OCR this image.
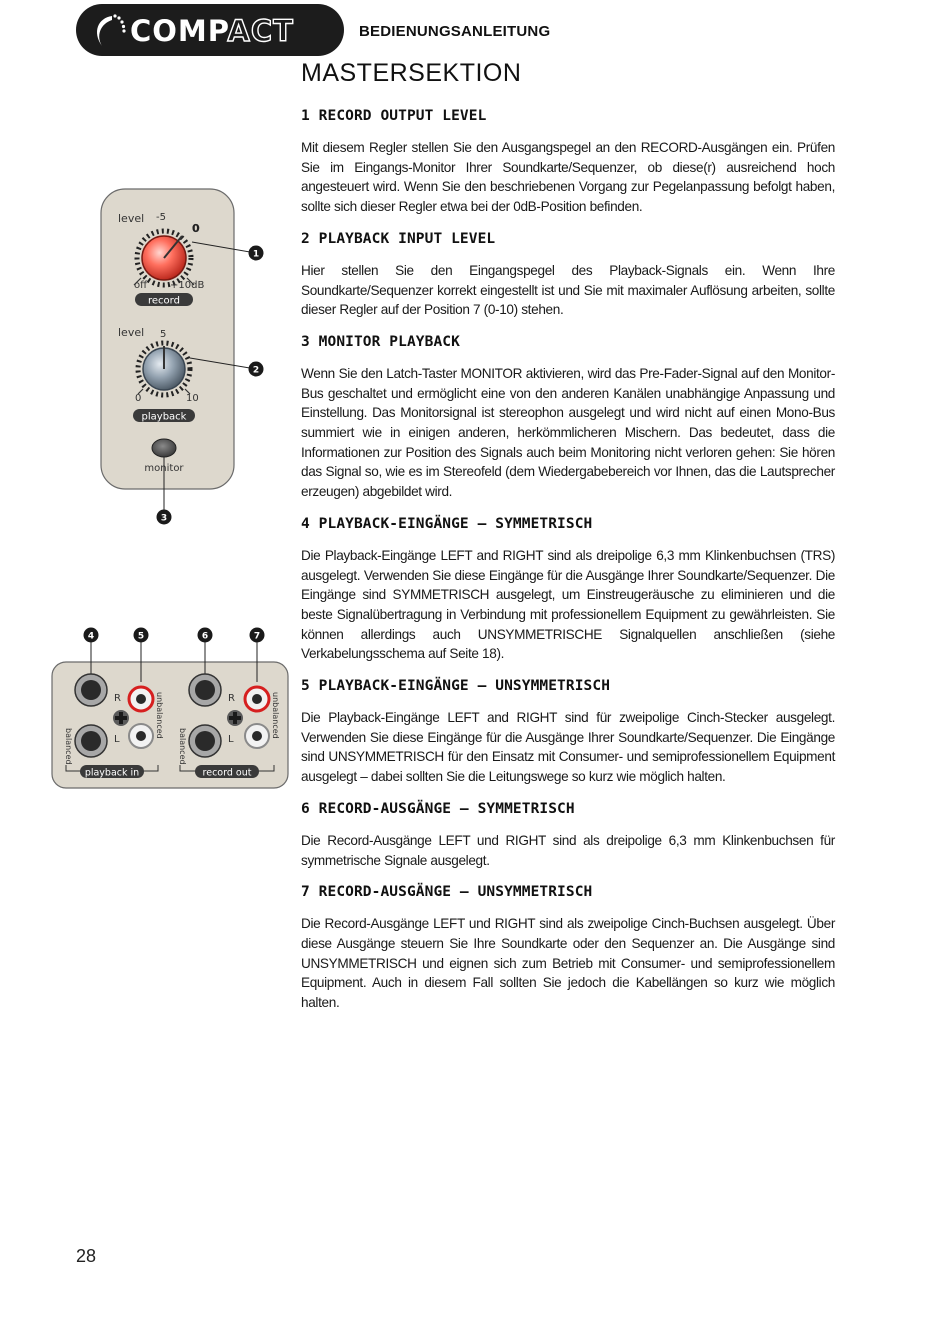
COMPACT	BEDIENUNGSANLEITUNG
MASTERSEKTION
level -5
0
off +10dB
record
level 5
0	10
playback
monitor
1
2
3
4	5	6	7
balanced
R
L
unbalanced
playback in
balanced
R
L
unbalanced
record out
1 RECORD OUTPUT LEVEL

Mit diesem Regler stellen Sie den Ausgangspegel an den RECORD-Ausgängen ein. Prüfen Sie im Eingangs-Monitor Ihrer Soundkarte/Sequenzer, ob diese(r) ausreichend hoch angesteuert wird. Wenn Sie den beschriebenen Vorgang zur Pegelanpassung befolgt haben, sollte sich dieser Regler etwa bei der 0dB-Position befinden.

2 PLAYBACK INPUT LEVEL

Hier stellen Sie den Eingangspegel des Playback-Signals ein. Wenn Ihre Soundkarte/Sequenzer korrekt eingestellt ist und Sie mit maximaler Auflösung arbeiten, sollte dieser Regler auf der Position 7 (0-10) stehen.

3 MONITOR PLAYBACK

Wenn Sie den Latch-Taster MONITOR aktivieren, wird das Pre-Fader-Signal auf den Monitor-Bus geschaltet und ermöglicht eine von den anderen Kanälen unabhängige Anpassung und Einstellung. Das Monitorsignal ist stereophon ausgelegt und wird nicht auf einen Mono-Bus summiert wie in einigen anderen, herkömmlicheren Mischern. Das bedeutet, dass die Informationen zur Position des Signals auch beim Monitoring nicht verloren gehen: Sie hören das Signal so, wie es im Stereofeld (dem Wiedergabebereich vor Ihnen, das die Lautsprecher erzeugen) abgebildet wird.

4 PLAYBACK-EINGÄNGE – SYMMETRISCH

Die Playback-Eingänge LEFT and RIGHT sind als dreipolige 6,3 mm Klinkenbuchsen (TRS) ausgelegt. Verwenden Sie diese Eingänge für die Ausgänge Ihrer Soundkarte/Sequenzer. Die Eingänge sind SYMMETRISCH ausgelegt, um Einstreugeräusche zu eliminieren und die beste Signalübertragung in Verbindung mit professionellem Equipment zu gewährleisten. Sie können allerdings auch UNSYMMETRISCHE Signalquellen anschließen (siehe Verkabelungsschema auf Seite 18).

5 PLAYBACK-EINGÄNGE – UNSYMMETRISCH

Die Playback-Eingänge LEFT and RIGHT sind für zweipolige Cinch-Stecker ausgelegt. Verwenden Sie diese Eingänge für die Ausgänge Ihrer Soundkarte/Sequenzer. Die Eingänge sind UNSYMMETRISCH für den Einsatz mit Consumer- und semiprofessionellem Equipment ausgelegt – dabei sollten Sie die Leitungswege so kurz wie möglich halten.

6 RECORD-AUSGÄNGE – SYMMETRISCH

Die Record-Ausgänge LEFT und RIGHT sind als dreipolige 6,3 mm Klinkenbuchsen für symmetrische Signale ausgelegt.

7 RECORD-AUSGÄNGE – UNSYMMETRISCH

Die Record-Ausgänge LEFT und RIGHT sind als zweipolige Cinch-Buchsen ausgelegt. Über diese Ausgänge steuern Sie Ihre Soundkarte oder den Sequenzer an. Die Ausgänge sind UNSYMMETRISCH und eignen sich zum Betrieb mit Consumer- und semiprofessionellem Equipment. Auch in diesem Fall sollten Sie jedoch die Kabellängen so kurz wie möglich halten.

28
